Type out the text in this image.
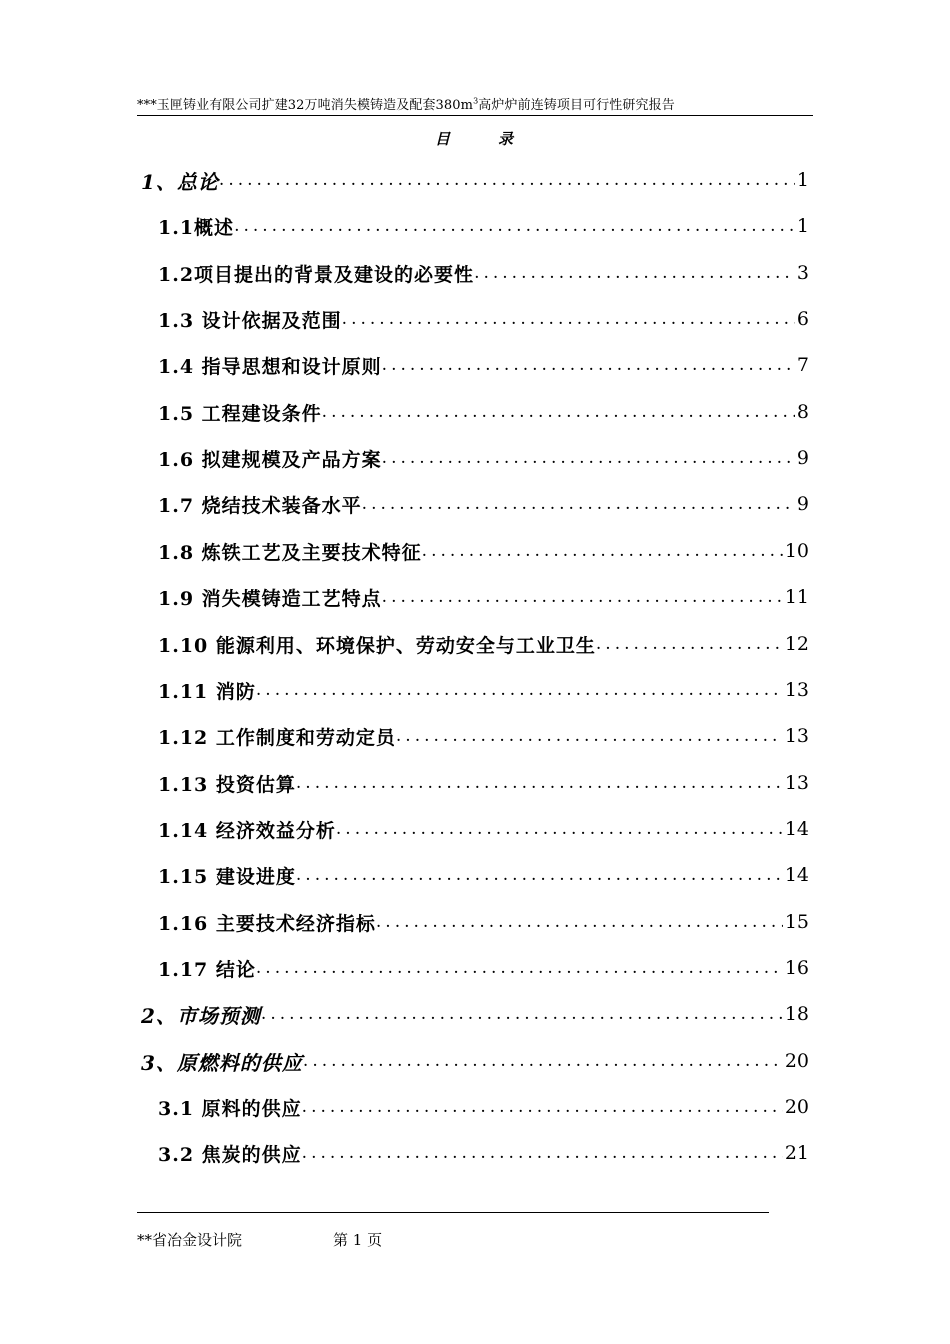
***玉匣铸业有限公司扩建32万吨消失模铸造及配套$380m^3$高炉炉前连铸项目可行性研究报告
目	录
1、总论 .....	1
1.1概述 .....	1
1.2项目提出的背景及建设的必要性 .....	3
1.3 设计依据及范围 .....	6
1.4 指导思想和设计原则 .....	7
1.5 工程建设条件 .....	8
1.6 拟建规模及产品方案 .....	9
1.7 烧结技术装备水平 .....	9
1.8 炼铁工艺及主要技术特征 .....	10
1.9 消失模铸造工艺特点 .....	11
1.10 能源利用、环境保护、劳动安全与工业卫生 .....	12
1.11 消防 .....	13
1.12 工作制度和劳动定员 .....	13
1.13 投资估算 .....	13
1.14 经济效益分析 .....	14
1.15 建设进度 .....	14
1.16 主要技术经济指标 .....	15
1.17 结论 .....	16
2、市场预测 .....	18
3、原燃料的供应 .....	20
3.1 原料的供应 .....	20
3.2 焦炭的供应 .....	21
**省冶金设计院	第 1 页
